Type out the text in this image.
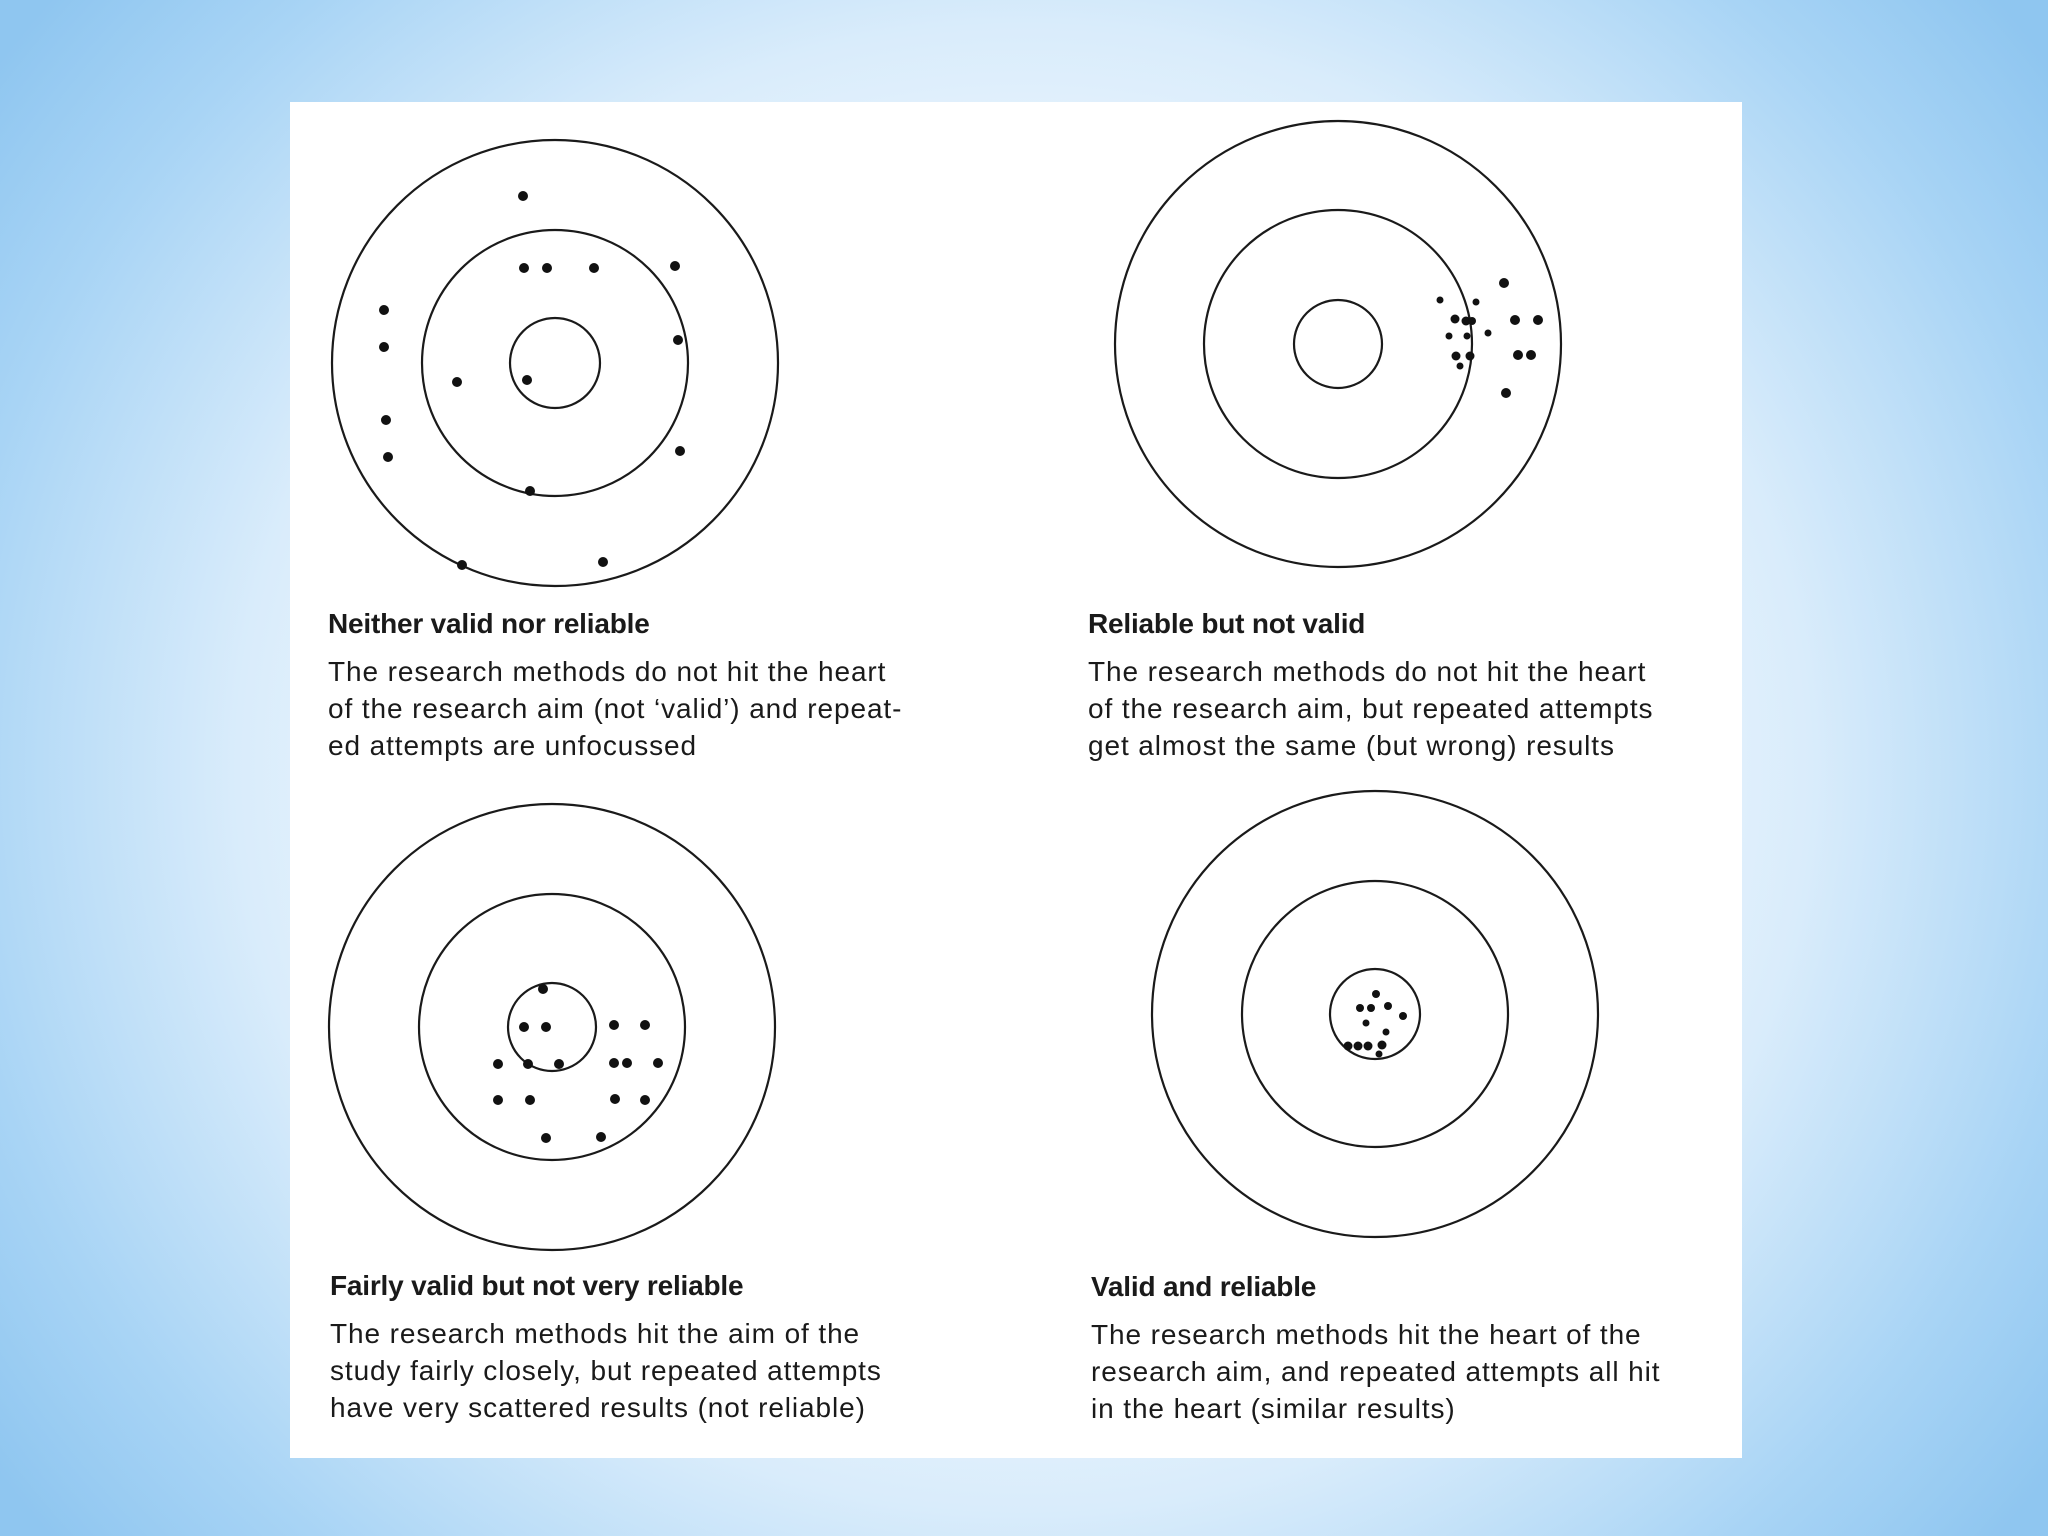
Neither valid nor reliable

The research methods do not hit the heart
of the research aim (not ‘valid’) and repeat-
ed attempts are unfocussed

Reliable but not valid

The research methods do not hit the heart
of the research aim, but repeated attempts
get almost the same (but wrong) results

Fairly valid but not very reliable

The research methods hit the aim of the
study fairly closely, but repeated attempts
have very scattered results (not reliable)

Valid and reliable

The research methods hit the heart of the
research aim, and repeated attempts all hit
in the heart (similar results)
